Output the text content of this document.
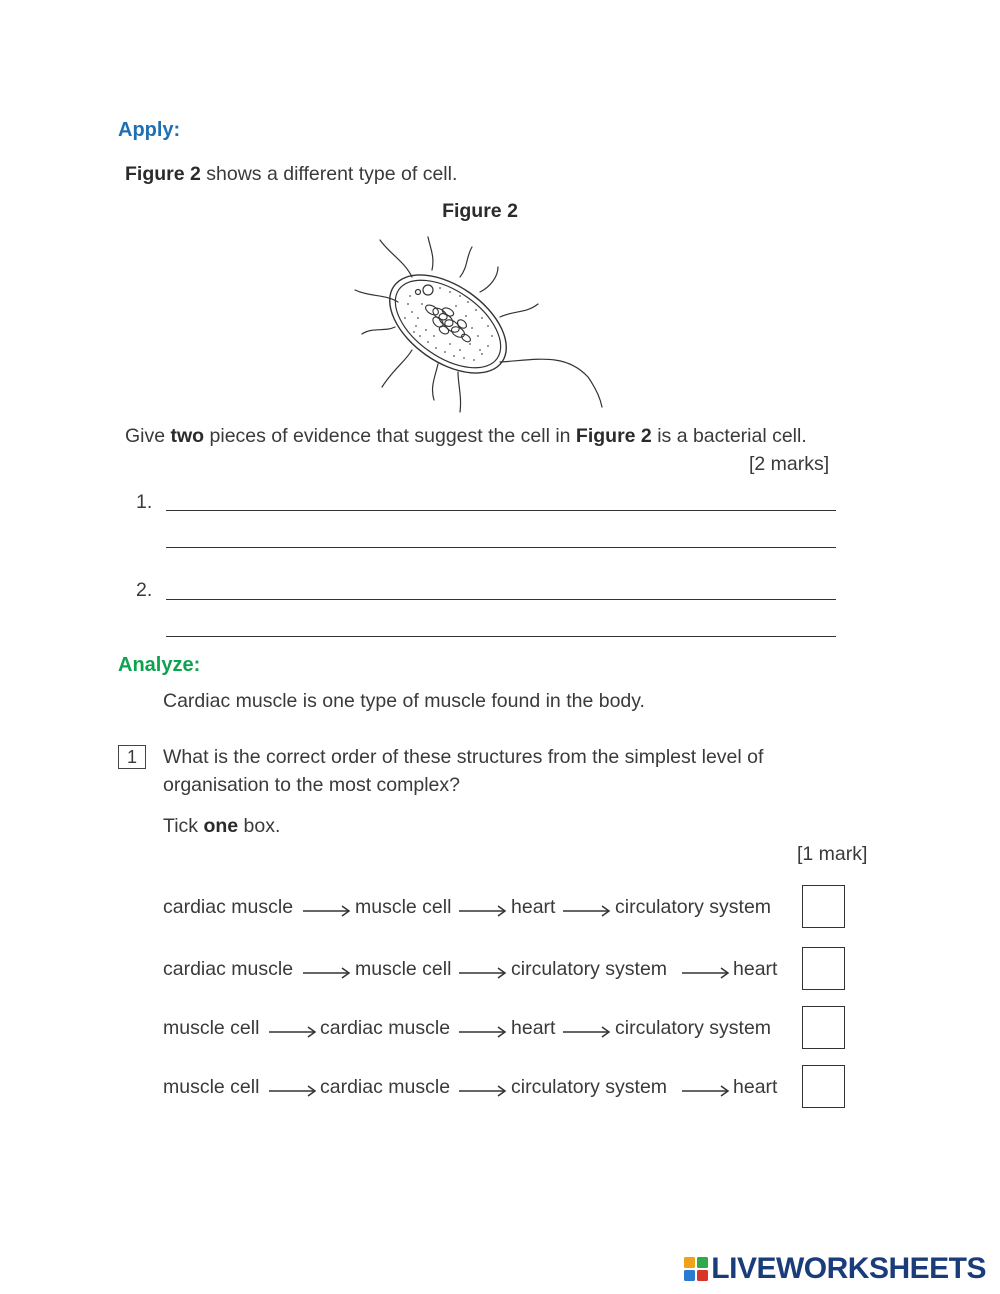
Apply:
Figure 2 shows a different type of cell.
Figure 2
Give two pieces of evidence that suggest the cell in Figure 2 is a bacterial cell.
[2 marks]
1.
2.
Analyze:
Cardiac muscle is one type of muscle found in the body.
1	What is the correct order of these structures from the simplest level of
organisation to the most complex?
Tick one box.
[1 mark]
cardiac muscle	muscle cell	heart	circulatory system
cardiac muscle	muscle cell	circulatory system	heart
muscle cell	cardiac muscle	heart	circulatory system
muscle cell	cardiac muscle	circulatory system	heart
LIVEWORKSHEETS
